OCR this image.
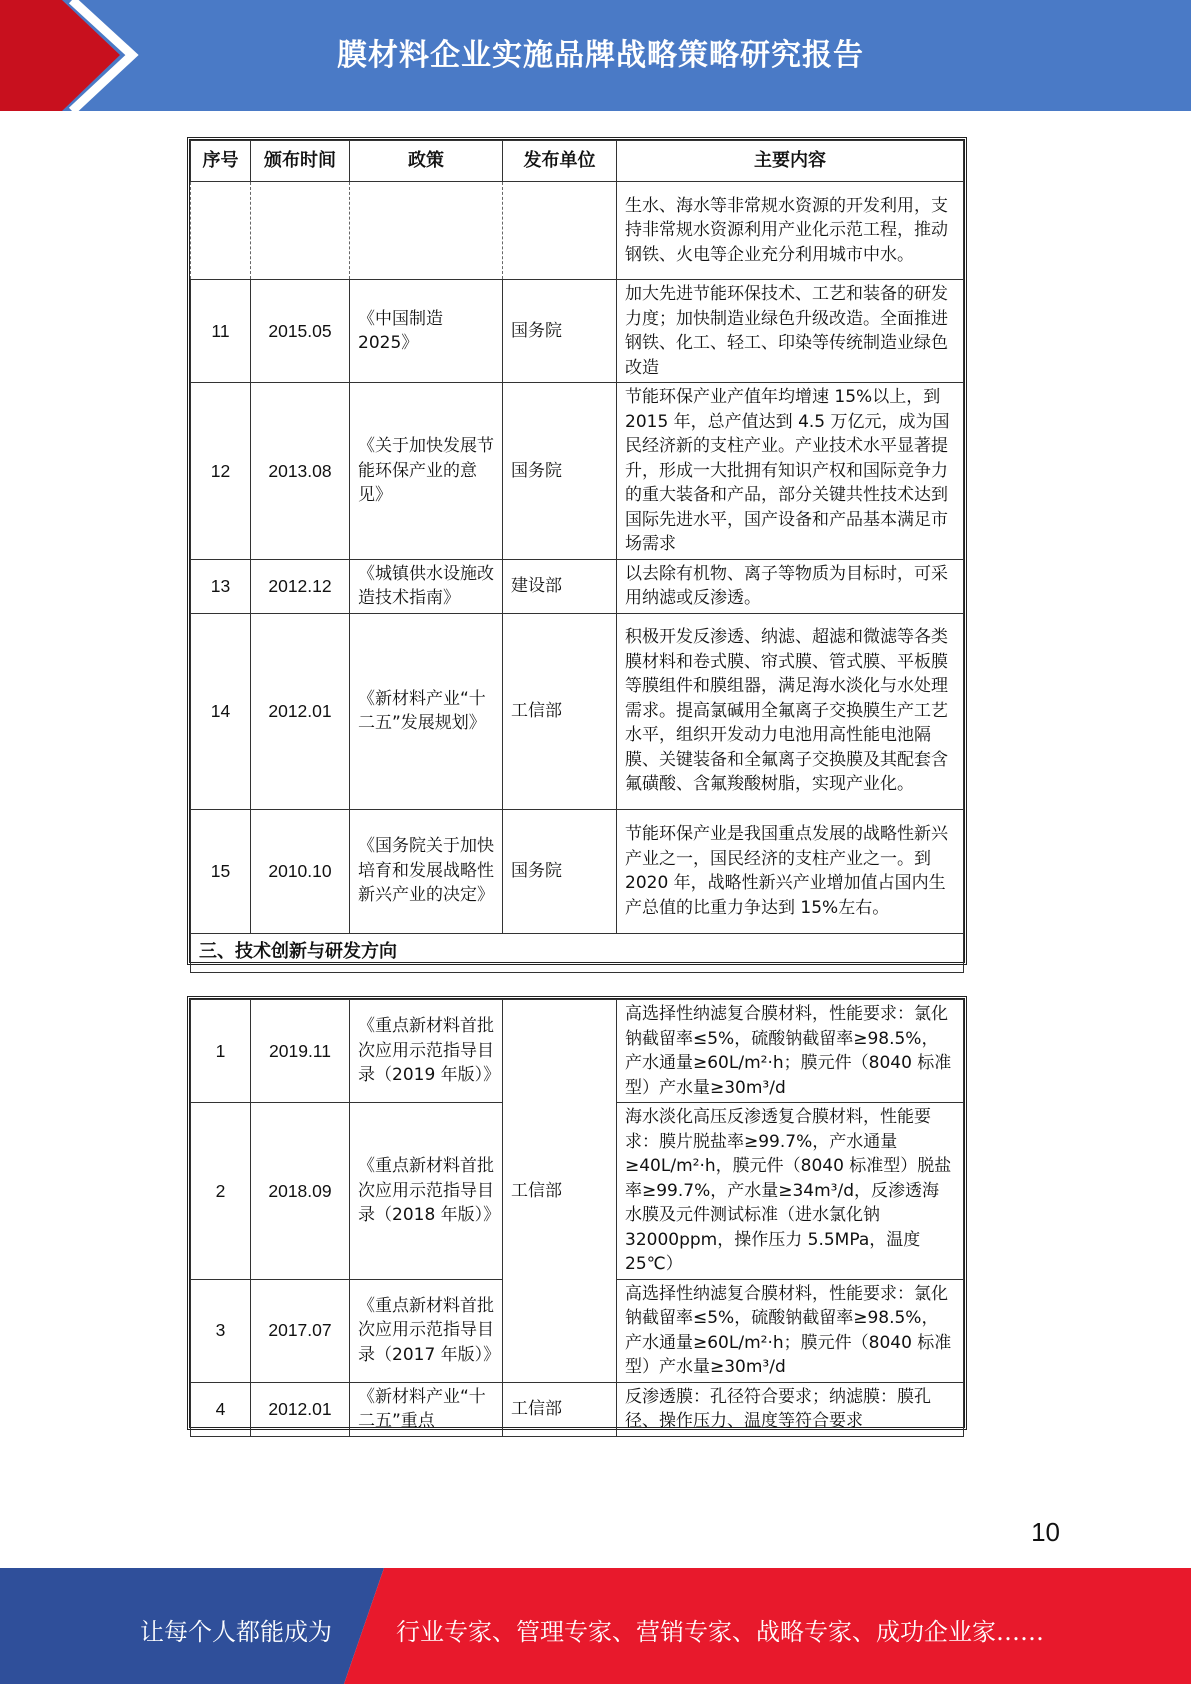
膜材料企业实施品牌战略策略研究报告
序号	颁布时间	政策	发布单位	主要内容
				生水、海水等非常规水资源的开发利用，支持非常规水资源利用产业化示范工程，推动钢铁、火电等企业充分利用城市中水。
11	2015.05	《中国制造2025》	国务院	加大先进节能环保技术、工艺和装备的研发力度；加快制造业绿色升级改造。全面推进钢铁、化工、轻工、印染等传统制造业绿色改造
12	2013.08	《关于加快发展节能环保产业的意见》	国务院	节能环保产业产值年均增速 15%以上，到 2015 年，总产值达到 4.5 万亿元，成为国民经济新的支柱产业。产业技术水平显著提升，形成一大批拥有知识产权和国际竞争力的重大装备和产品，部分关键共性技术达到国际先进水平，国产设备和产品基本满足市场需求
13	2012.12	《城镇供水设施改造技术指南》	建设部	以去除有机物、离子等物质为目标时，可采用纳滤或反渗透。
14	2012.01	《新材料产业“十二五”发展规划》	工信部	积极开发反渗透、纳滤、超滤和微滤等各类膜材料和卷式膜、帘式膜、管式膜、平板膜等膜组件和膜组器，满足海水淡化与水处理需求。提高氯碱用全氟离子交换膜生产工艺水平，组织开发动力电池用高性能电池隔膜、关键装备和全氟离子交换膜及其配套含氟磺酸、含氟羧酸树脂，实现产业化。
15	2010.10	《国务院关于加快培育和发展战略性新兴产业的决定》	国务院	节能环保产业是我国重点发展的战略性新兴产业之一，国民经济的支柱产业之一。到 2020 年，战略性新兴产业增加值占国内生产总值的比重力争达到 15%左右。
三、技术创新与研发方向				
1	2019.11	《重点新材料首批次应用示范指导目录（2019 年版）》	工信部	高选择性纳滤复合膜材料，性能要求：氯化钠截留率≤5%，硫酸钠截留率≥98.5%，产水通量≥60L/m²·h；膜元件（8040 标准型）产水量≥30m³/d
2	2018.09	《重点新材料首批次应用示范指导目录（2018 年版）》		海水淡化高压反渗透复合膜材料，性能要求：膜片脱盐率≥99.7%，产水通量≥40L/m²·h，膜元件（8040 标准型）脱盐率≥99.7%，产水量≥34m³/d，反渗透海水膜及元件测试标准（进水氯化钠 32000ppm，操作压力 5.5MPa，温度 25℃）
3	2017.07	《重点新材料首批次应用示范指导目录（2017 年版）》		高选择性纳滤复合膜材料，性能要求：氯化钠截留率≤5%，硫酸钠截留率≥98.5%，产水通量≥60L/m²·h；膜元件（8040 标准型）产水量≥30m³/d
4	2012.01	《新材料产业“十二五”重点	工信部	反渗透膜：孔径符合要求；纳滤膜：膜孔径、操作压力、温度等符合要求
10
让每个人都能成为	行业专家、管理专家、营销专家、战略专家、成功企业家……
